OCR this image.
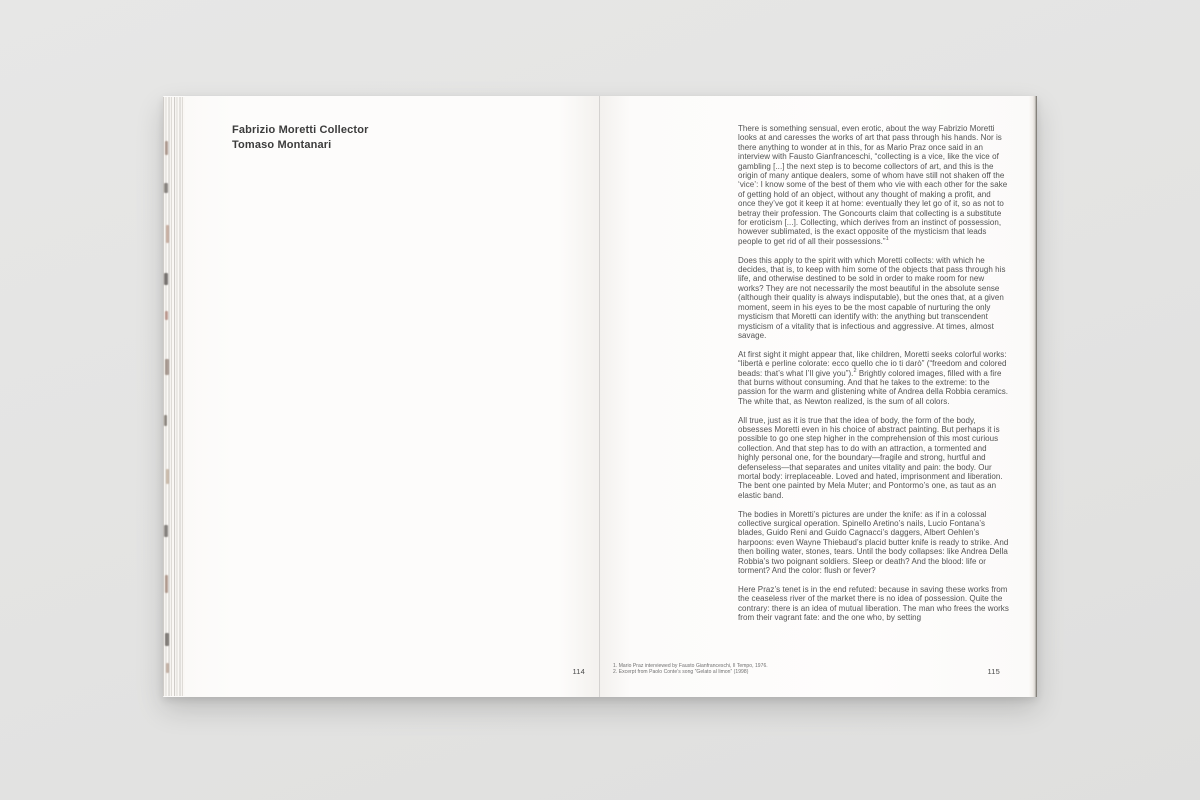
Fabrizio Moretti Collector
Tomaso Montanari
114

There is something sensual, even erotic, about the way Fabrizio Moretti looks at and caresses the works of art that pass through his hands. Nor is there anything to wonder at in this, for as Mario Praz once said in an interview with Fausto Gianfranceschi, “collecting is a vice, like the vice of gambling [...] the next step is to become collectors of art, and this is the origin of many antique dealers, some of whom have still not shaken off the ‘vice’: I know some of the best of them who vie with each other for the sake of getting hold of an object, without any thought of making a profit, and once they’ve got it keep it at home: eventually they let go of it, so as not to betray their profession. The Goncourts claim that collecting is a substitute for eroticism [...]. Collecting, which derives from an instinct of possession, however sublimated, is the exact opposite of the mysticism that leads people to get rid of all their possessions.”$^1$

Does this apply to the spirit with which Moretti collects: with which he decides, that is, to keep with him some of the objects that pass through his life, and otherwise destined to be sold in order to make room for new works? They are not necessarily the most beautiful in the absolute sense (although their quality is always indisputable), but the ones that, at a given moment, seem in his eyes to be the most capable of nurturing the only mysticism that Moretti can identify with: the anything but transcendent mysticism of a vitality that is infectious and aggressive. At times, almost savage.

At first sight it might appear that, like children, Moretti seeks colorful works: “libertà e perline colorate: ecco quello che io ti darò” (“freedom and colored beads: that’s what I’ll give you”).$^2$ Brightly colored images, filled with a fire that burns without consuming. And that he takes to the extreme: to the passion for the warm and glistening white of Andrea della Robbia ceramics. The white that, as Newton realized, is the sum of all colors.

All true, just as it is true that the idea of body, the form of the body, obsesses Moretti even in his choice of abstract painting. But perhaps it is possible to go one step higher in the comprehension of this most curious collection. And that step has to do with an attraction, a tormented and highly personal one, for the boundary—fragile and strong, hurtful and defenseless—that separates and unites vitality and pain: the body. Our mortal body: irreplaceable. Loved and hated, imprisonment and liberation. The bent one painted by Mela Muter; and Pontormo’s one, as taut as an elastic band.

The bodies in Moretti’s pictures are under the knife: as if in a colossal collective surgical operation. Spinello Aretino’s nails, Lucio Fontana’s blades, Guido Reni and Guido Cagnacci’s daggers, Albert Oehlen’s harpoons: even Wayne Thiebaud’s placid butter knife is ready to strike. And then boiling water, stones, tears. Until the body collapses: like Andrea Della Robbia’s two poignant soldiers. Sleep or death? And the blood: life or torment? And the color: flush or fever?

Here Praz’s tenet is in the end refuted: because in saving these works from the ceaseless river of the market there is no idea of possession. Quite the contrary: there is an idea of mutual liberation. The man who frees the works from their vagrant fate: and the one who, by setting

1. Mario Praz interviewed by Fausto Gianfranceschi, Il Tempo, 1976.
2. Excerpt from Paolo Conte’s song “Gelato al limon” (1998)	115
